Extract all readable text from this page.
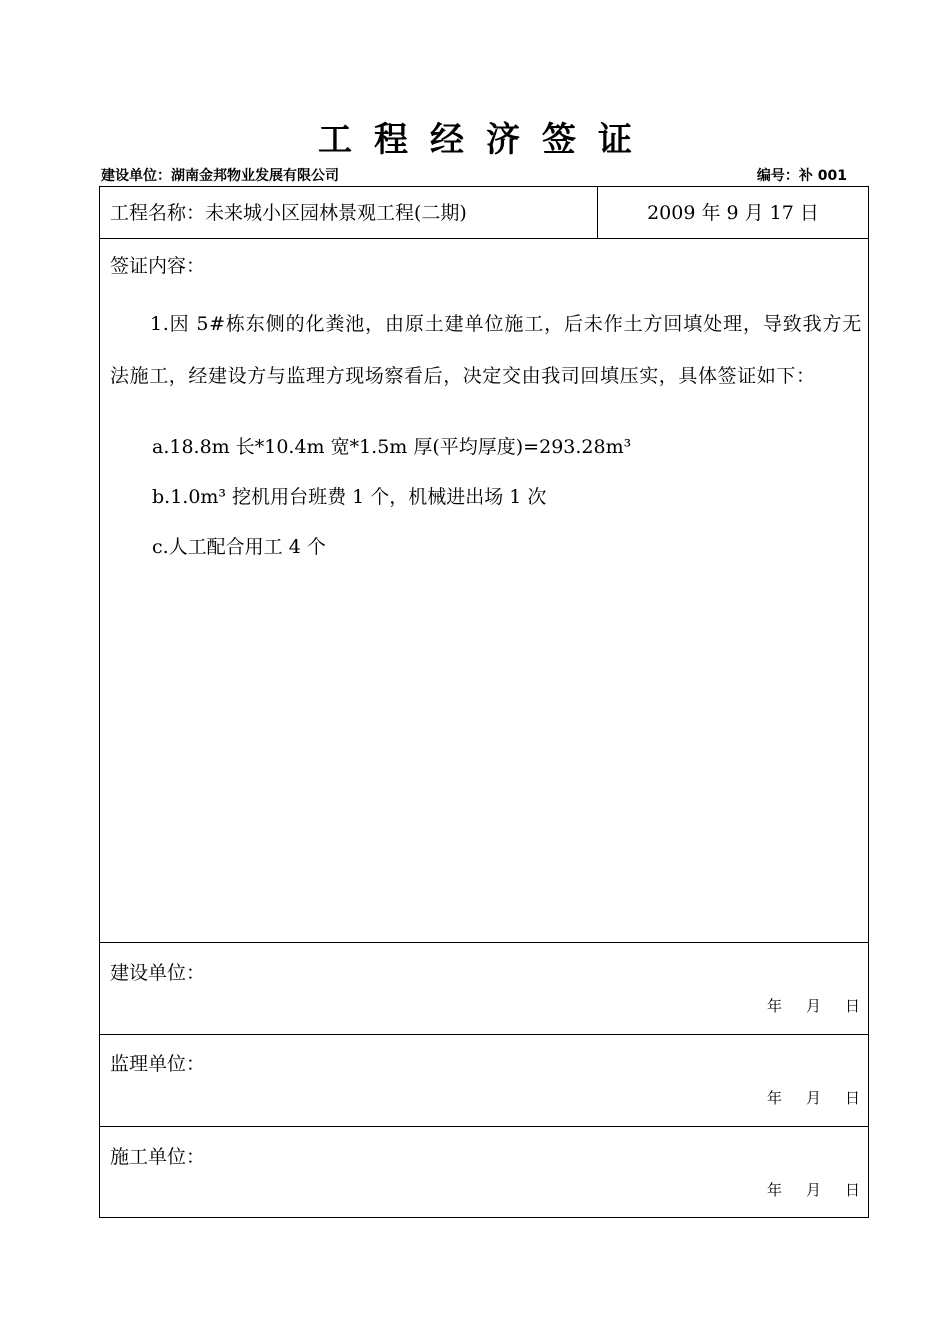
工程经济签证
建设单位：湖南金邦物业发展有限公司	编号：补 001
工程名称：未来城小区园林景观工程(二期)	2009 年 9 月 17 日
签证内容：
1.因 5#栋东侧的化粪池，由原土建单位施工，后未作土方回填处理，导致我方无法施工，经建设方与监理方现场察看后，决定交由我司回填压实，具体签证如下：
a.18.8m 长*10.4m 宽*1.5m 厚(平均厚度)=293.28m³
b.1.0m³ 挖机用台班费 1 个，机械进出场 1 次
c.人工配合用工 4 个
建设单位：
年 月 日
监理单位：
年 月 日
施工单位：
年 月 日
